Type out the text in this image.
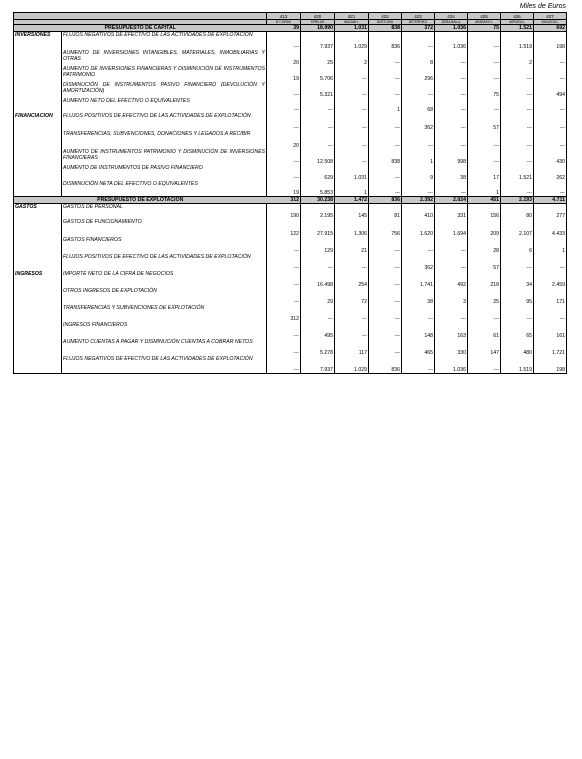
Miles de Euros
		413	420	421	422	423	424	425	426	427
		B.T. BRAS	SPRILUR	IBAIZAB L	BUSTURIA	BETERRIKO	DEBA BAILA	ARABAKO L	ARRATIA L	BIDASOA L
PRESUPUESTO DE CAPITAL		39	18.990	1.031	838	372	1.036	75	1.521	692
INVERSIONES	FLUJOS NEGATIVOS DE EFECTIVO DE LAS ACTIVIDADES DE EXPLOTACIÓN	---	7.937	1.029	836	---	1.036	---	1.519	198
	AUMENTO DE INVERSIONES INTANGIBLES, MATERIALES, INMOBILIARIAS Y OTRAS	20	25	2	---	8	---	---	2	---
	AUMENTO DE INVERSIONES FINANCIERAS Y DISMINUCIÓN DE INSTRUMENTOS PATRIMONIO	19	5.706	---	---	296	---	---	---	---
	DISMINUCIÓN DE INSTRUMENTOS PASIVO FINANCIERO (DEVOLUCIÓN Y AMORTIZACIÓN)	---	5.321	---	---	---	---	75	---	494
	AUMENTO NETO DEL EFECTIVO O EQUIVALENTES	---	---	---	1	68	---	---	---	---
FINANCIACION	FLUJOS POSITIVOS DE EFECTIVO DE LAS ACTIVIDADES DE EXPLOTACIÓN	---	---	---	---	362	---	57	---	---
	TRANSFERENCIAS, SUBVENCIONES, DONACIONES Y LEGADOS A RECIBIR	20	---	---	---	---	---	---	---	---
	AUMENTO DE INSTRUMENTOS PATRIMONIO Y DISMINUCIÓN DE INVERSIONES FINANCIERAS	---	12.508	---	838	1	998	---	---	430
	AUMENTO DE INSTRUMENTOS DE PASIVO FINANCIERO	---	629	1.031	---	9	38	17	1.521	262
	DISMINUCIÓN NETA DEL EFECTIVO O EQUIVALENTES	19	5.853	1	---	---	---	1	---	---
PRESUPUESTO DE EXPLOTACION		312	30.238	1.472	836	2.392	2.024	451	2.193	4.711
GASTOS	GASTOS DE PERSONAL	190	2.195	145	81	410	331	156	80	277
	GASTOS DE FUNCIONAMIENTO	122	27.915	1.306	756	1.620	1.694	209	2.107	4.433
	GASTOS FINANCIEROS	---	129	21	---	---	---	28	6	1
	FLUJOS POSITIVOS DE EFECTIVO DE LAS ACTIVIDADES DE EXPLOTACIÓN	---	---	---	---	362	---	57	---	---
INGRESOS	IMPORTE NETO DE LA CIFRA DE NEGOCIOS	---	16.498	254	---	1.741	492	218	34	2.459
	OTROS INGRESOS DE EXPLOTACIÓN	---	29	72	---	38	3	25	95	171
	TRANSFERENCIAS Y SUBVENCIONES DE EXPLOTACIÓN	312	---	---	---	---	---	---	---	---
	INGRESOS FINANCIEROS	---	495	---	---	148	163	61	65	161
	AUMENTO CUENTAS A PAGAR Y DISMINUCIÓN CUENTAS A COBRAR NETOS	---	5.278	117	---	465	330	147	480	1.721
	FLUJOS NEGATIVOS DE EFECTIVO DE LAS ACTIVIDADES DE EXPLOTACIÓN	---	7.937	1.029	836	---	1.036	---	1.519	198
